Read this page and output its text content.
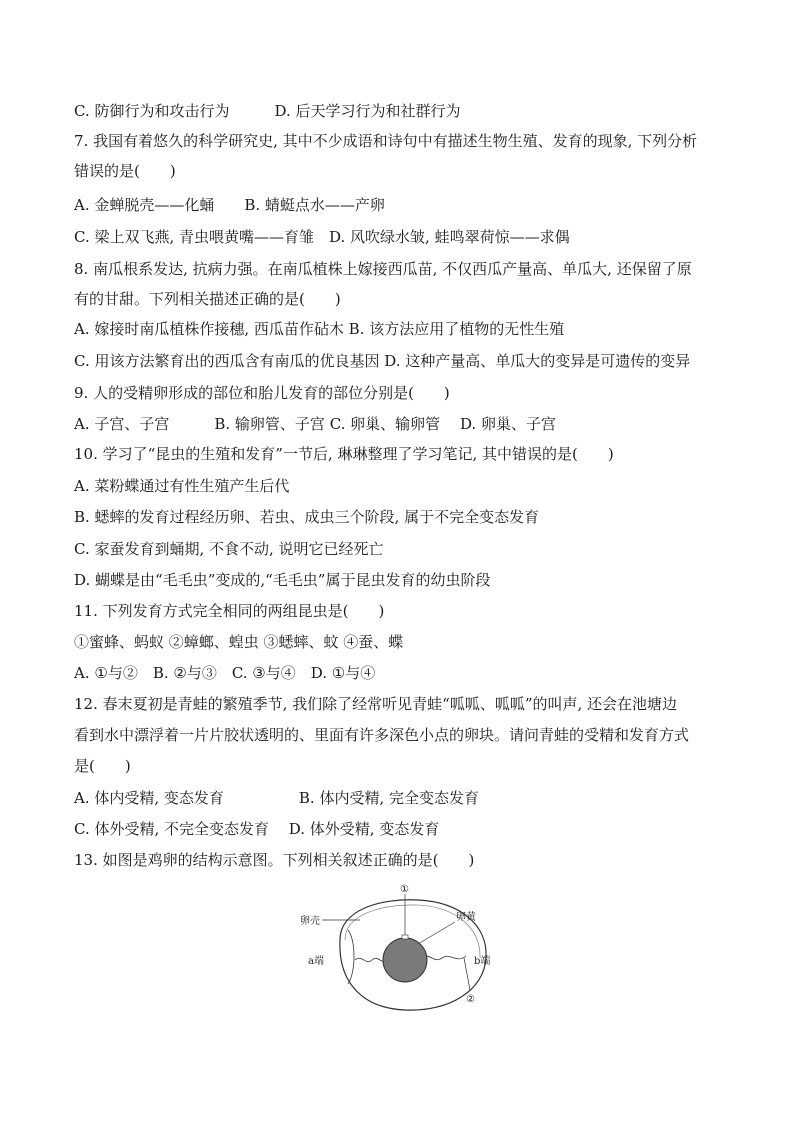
C. 防御行为和攻击行为　　　D. 后天学习行为和社群行为
7. 我国有着悠久的科学研究史, 其中不少成语和诗句中有描述生物生殖、发育的现象, 下列分析
错误的是(　　)
A. 金蝉脱壳——化蛹　　B. 蜻蜓点水——产卵
C. 梁上双飞燕, 青虫喂黄嘴——育雏　D. 风吹绿水皱, 蛙鸣翠荷惊——求偶
8. 南瓜根系发达, 抗病力强。在南瓜植株上嫁接西瓜苗, 不仅西瓜产量高、单瓜大, 还保留了原
有的甘甜。下列相关描述正确的是(　　)
A. 嫁接时南瓜植株作接穗, 西瓜苗作砧木 B. 该方法应用了植物的无性生殖
C. 用该方法繁育出的西瓜含有南瓜的优良基因 D. 这种产量高、单瓜大的变异是可遗传的变异
9. 人的受精卵形成的部位和胎儿发育的部位分别是(　　)
A. 子宫、子宫　　　B. 输卵管、子宫 C. 卵巢、输卵管　 D. 卵巢、子宫
10. 学习了“昆虫的生殖和发育”一节后, 琳琳整理了学习笔记, 其中错误的是(　　)
A. 菜粉蝶通过有性生殖产生后代
B. 蟋蟀的发育过程经历卵、若虫、成虫三个阶段, 属于不完全变态发育
C. 家蚕发育到蛹期, 不食不动, 说明它已经死亡
D. 蝴蝶是由“毛毛虫”变成的,“毛毛虫”属于昆虫发育的幼虫阶段
11. 下列发育方式完全相同的两组昆虫是(　　)
①蜜蜂、蚂蚁 ②蟑螂、蝗虫 ③蟋蟀、蚊 ④蚕、蝶
A. ①与②　B. ②与③　C. ③与④　D. ①与④
12. 春末夏初是青蛙的繁殖季节, 我们除了经常听见青蛙“呱呱、呱呱”的叫声, 还会在池塘边
看到水中漂浮着一片片胶状透明的、里面有许多深色小点的卵块。请问青蛙的受精和发育方式
是(　　)
A. 体内受精, 变态发育　　　　　B. 体内受精, 完全变态发育
C. 体外受精, 不完全变态发育　 D. 体外受精, 变态发育
13. 如图是鸡卵的结构示意图。下列相关叙述正确的是(　　)
①
卵壳	卵黄
a端	b端
②
